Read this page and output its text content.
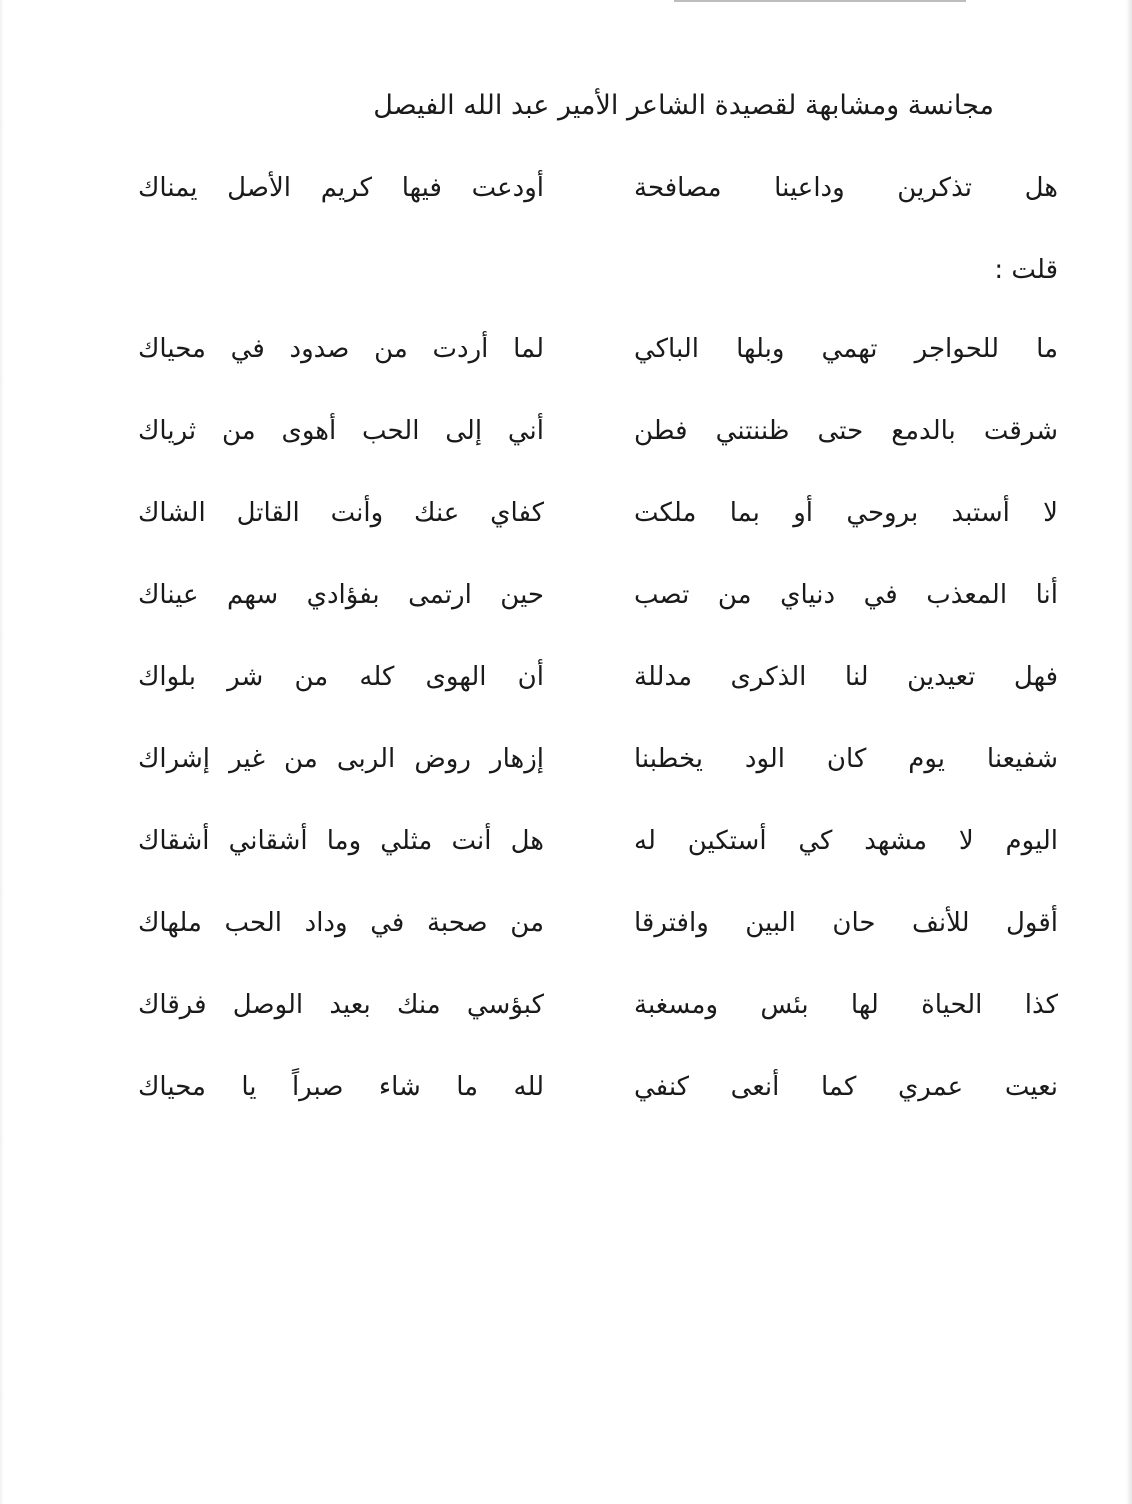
مجانسة ومشابهة لقصيدة الشاعر الأمير عبد الله الفيصل
هل تذكرين وداعينا مصافحة
أودعت فيها كريم الأصل يمناك
قلت :
ما للحواجر تهمي وبلها الباكي
لما أردت من صدود في محياك
شرقت بالدمع حتى ظننتني فطن
أني إلى الحب أهوى من ثرياك
لا أستبد بروحي أو بما ملكت
كفاي عنك وأنت القاتل الشاك
أنا المعذب في دنياي من تصب
حين ارتمى بفؤادي سهم عيناك
فهل تعيدين لنا الذكرى مدللة
أن الهوى كله من شر بلواك
شفيعنا يوم كان الود يخطبنا
إزهار روض الربى من غير إشراك
اليوم لا مشهد كي أستكين له
هل أنت مثلي وما أشقاني أشقاك
أقول للأنف حان البين وافترقا
من صحبة في وداد الحب ملهاك
كذا الحياة لها بئس ومسغبة
كبؤسي منك بعيد الوصل فرقاك
نعيت عمري كما أنعى كنفي
لله ما شاء صبراً يا محياك
